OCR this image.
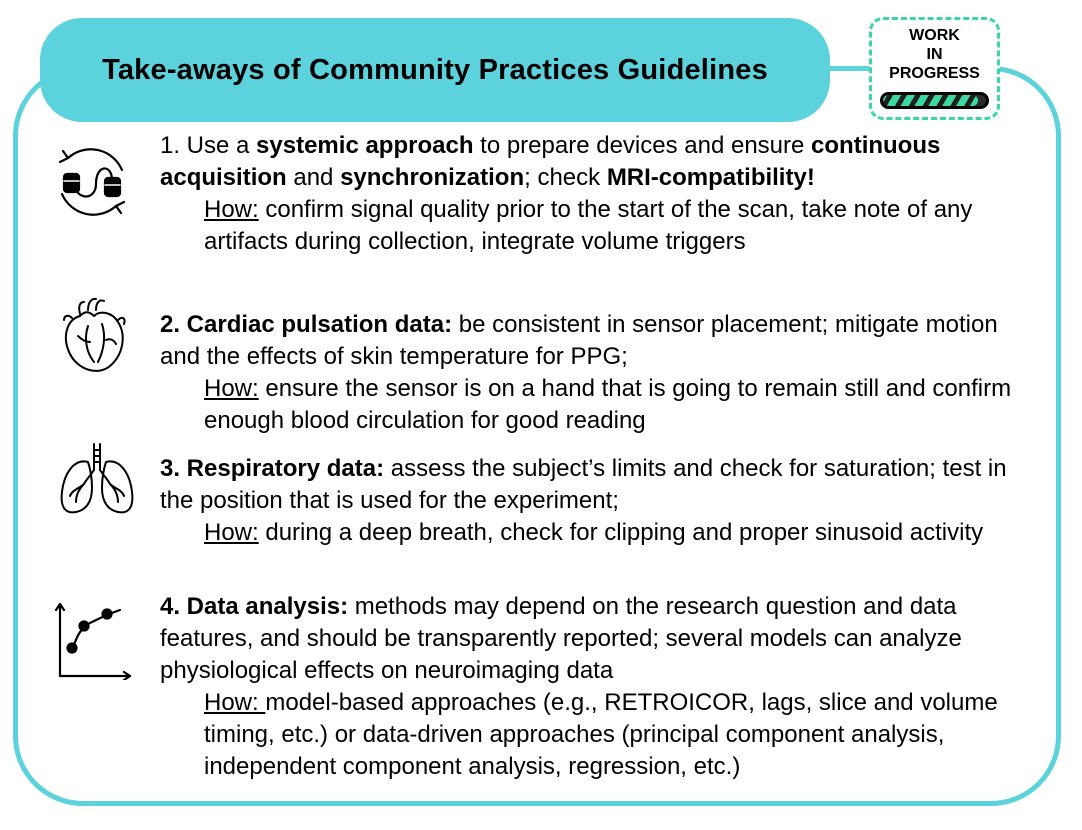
Take-aways of Community Practices Guidelines
WORK
IN
PROGRESS

1. Use a systemic approach to prepare devices and ensure continuous acquisition and synchronization; check MRI-compatibility!

How: confirm signal quality prior to the start of the scan, take note of any artifacts during collection, integrate volume triggers

2. Cardiac pulsation data: be consistent in sensor placement; mitigate motion and the effects of skin temperature for PPG;

How: ensure the sensor is on a hand that is going to remain still and confirm enough blood circulation for good reading

3. Respiratory data: assess the subject’s limits and check for saturation; test in the position that is used for the experiment;

How: during a deep breath, check for clipping and proper sinusoid activity

4. Data analysis: methods may depend on the research question and data features, and should be transparently reported; several models can analyze physiological effects on neuroimaging data

How: model-based approaches (e.g., RETROICOR, lags, slice and volume timing, etc.) or data-driven approaches (principal component analysis, independent component analysis, regression, etc.)
